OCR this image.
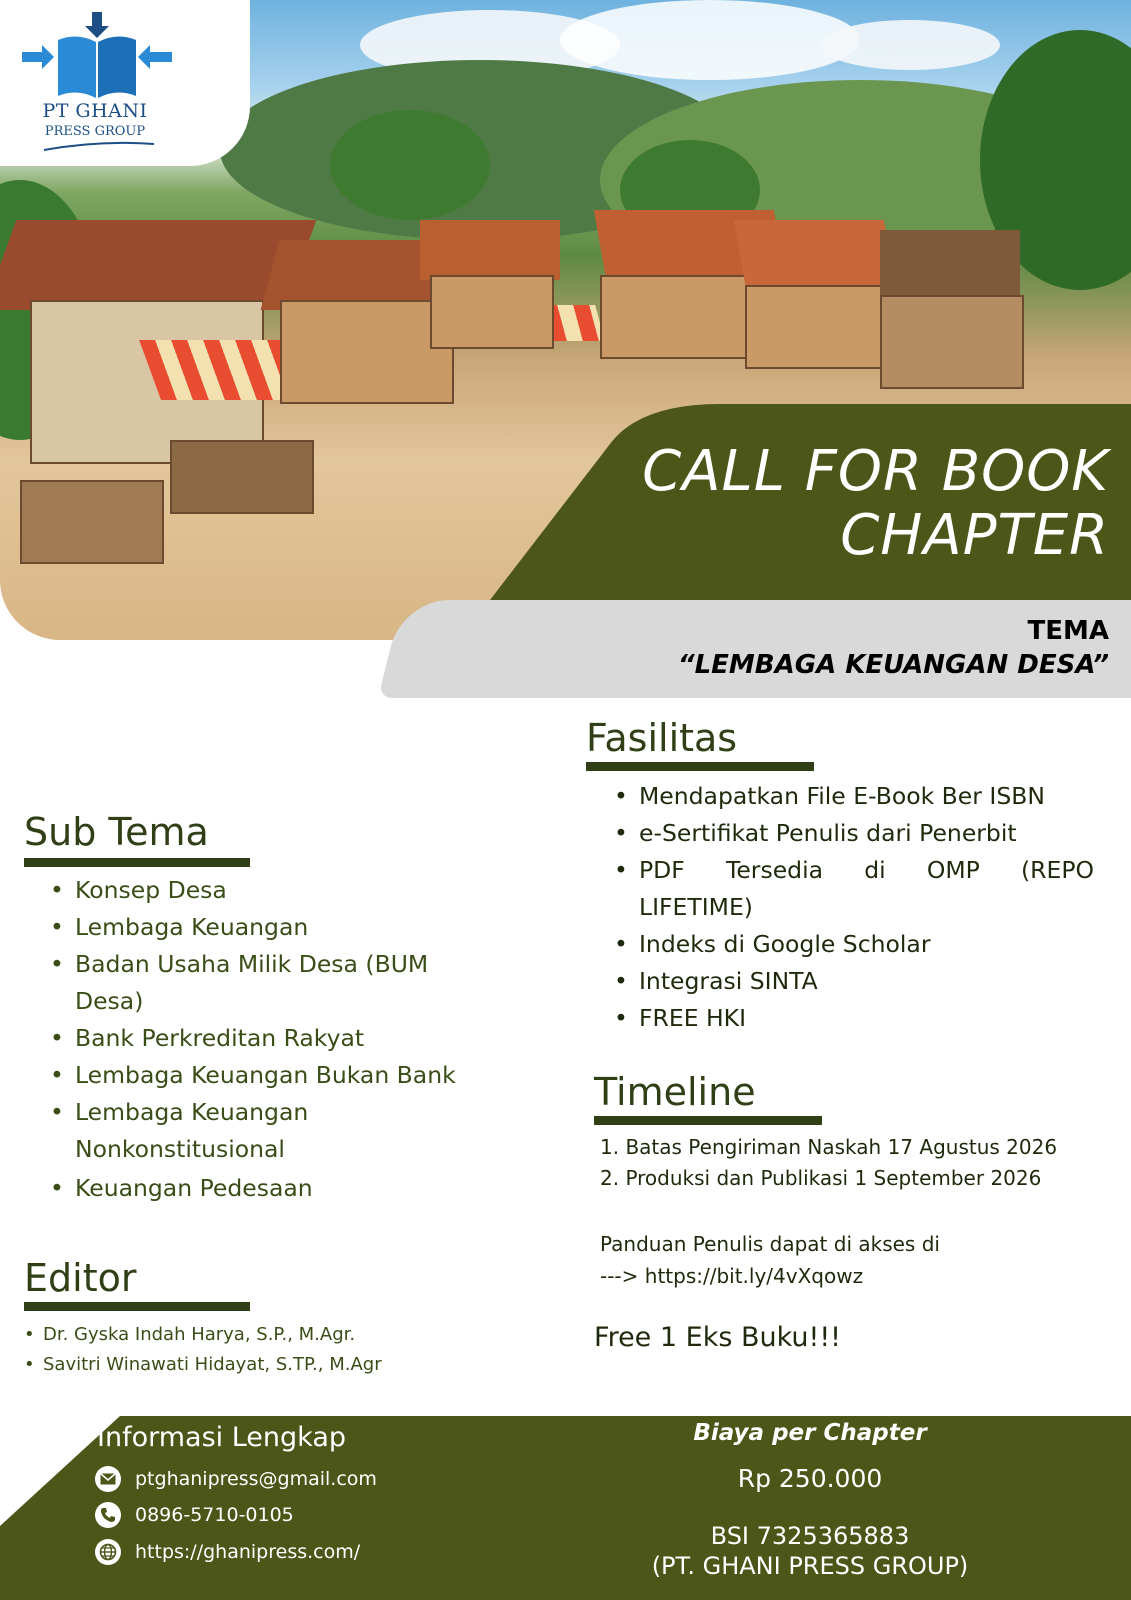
PT GHANI
PRESS GROUP
CALL FOR BOOK
CHAPTER
TEMA
“LEMBAGA KEUANGAN DESA”
Sub Tema
• Konsep Desa
• Lembaga Keuangan
• Badan Usaha Milik Desa (BUM Desa)
• Bank Perkreditan Rakyat
• Lembaga Keuangan Bukan Bank
• Lembaga Keuangan Nonkonstitusional
• Keuangan Pedesaan
Editor
• Dr. Gyska Indah Harya, S.P., M.Agr.
• Savitri Winawati Hidayat, S.TP., M.Agr
Fasilitas
• Mendapatkan File E-Book Ber ISBN
• e-Sertifikat Penulis dari Penerbit
• PDF Tersedia di OMP (REPO LIFETIME)
• Indeks di Google Scholar
• Integrasi SINTA
• FREE HKI
Timeline
1. Batas Pengiriman Naskah 17 Agustus 2026
2. Produksi dan Publikasi 1 September 2026
Panduan Penulis dapat di akses di
---> https://bit.ly/4vXqowz
Free 1 Eks Buku!!!
Informasi Lengkap
ptghanipress@gmail.com
0896-5710-0105
https://ghanipress.com/
Biaya per Chapter
Rp 250.000
BSI 7325365883
(PT. GHANI PRESS GROUP)
